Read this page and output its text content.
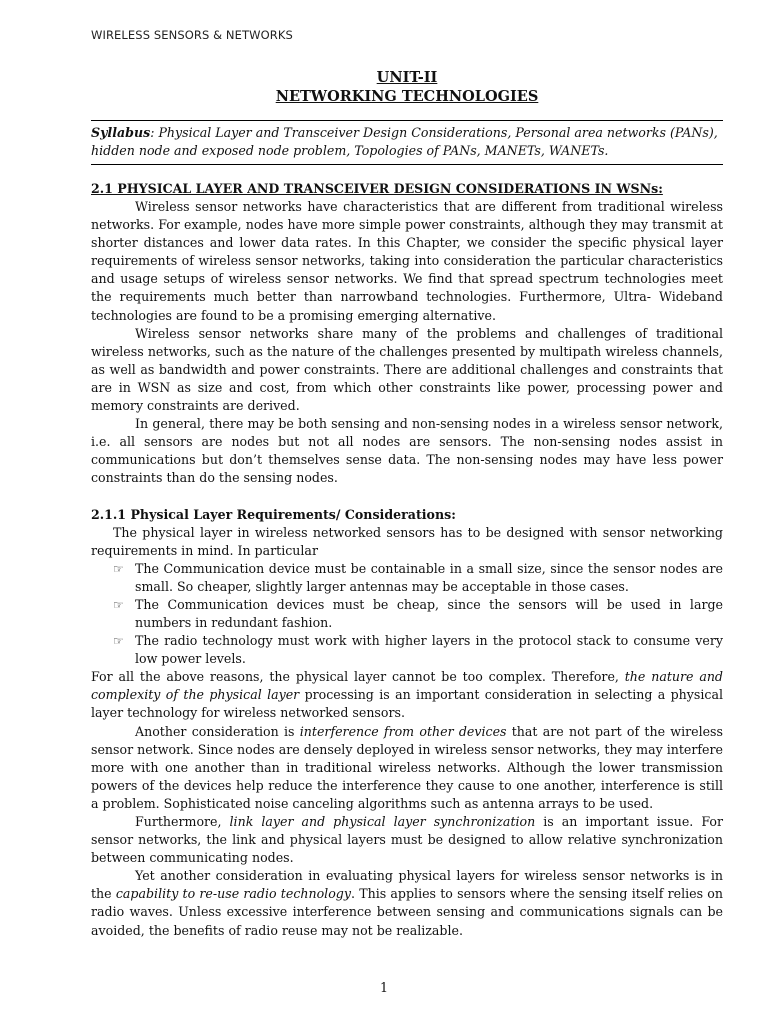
WIRELESS SENSORS & NETWORKS
UNIT-II
NETWORKING TECHNOLOGIES
Syllabus: Physical Layer and Transceiver Design Considerations, Personal area networks (PANs), hidden node and exposed node problem, Topologies of PANs, MANETs, WANETs.
2.1 PHYSICAL LAYER AND TRANSCEIVER DESIGN CONSIDERATIONS IN WSNs:

Wireless sensor networks have characteristics that are different from traditional wireless networks. For example, nodes have more simple power constraints, although they may transmit at shorter distances and lower data rates. In this Chapter, we consider the specific physical layer requirements of wireless sensor networks, taking into consideration the particular characteristics and usage setups of wireless sensor networks. We find that spread spectrum technologies meet the requirements much better than narrowband technologies. Furthermore, Ultra- Wideband technologies are found to be a promising emerging alternative.

Wireless sensor networks share many of the problems and challenges of traditional wireless networks, such as the nature of the challenges presented by multipath wireless channels, as well as bandwidth and power constraints. There are additional challenges and constraints that are in WSN as size and cost, from which other constraints like power, processing power and memory constraints are derived.

In general, there may be both sensing and non-sensing nodes in a wireless sensor network, i.e. all sensors are nodes but not all nodes are sensors. The non-sensing nodes assist in communications but don’t themselves sense data. The non-sensing nodes may have less power constraints than do the sensing nodes.

2.1.1 Physical Layer Requirements/ Considerations:

The physical layer in wireless networked sensors has to be designed with sensor networking requirements in mind. In particular

☞ The Communication device must be containable in a small size, since the sensor nodes are small. So cheaper, slightly larger antennas may be acceptable in those cases.
☞ The Communication devices must be cheap, since the sensors will be used in large numbers in redundant fashion.
☞ The radio technology must work with higher layers in the protocol stack to consume very low power levels.

For all the above reasons, the physical layer cannot be too complex. Therefore, the nature and complexity of the physical layer processing is an important consideration in selecting a physical layer technology for wireless networked sensors.

Another consideration is interference from other devices that are not part of the wireless sensor network. Since nodes are densely deployed in wireless sensor networks, they may interfere more with one another than in traditional wireless networks. Although the lower transmission powers of the devices help reduce the interference they cause to one another, interference is still a problem. Sophisticated noise canceling algorithms such as antenna arrays to be used.

Furthermore, link layer and physical layer synchronization is an important issue. For sensor networks, the link and physical layers must be designed to allow relative synchronization between communicating nodes.

Yet another consideration in evaluating physical layers for wireless sensor networks is in the capability to re-use radio technology. This applies to sensors where the sensing itself relies on radio waves. Unless excessive interference between sensing and communications signals can be avoided, the benefits of radio reuse may not be realizable.

1
